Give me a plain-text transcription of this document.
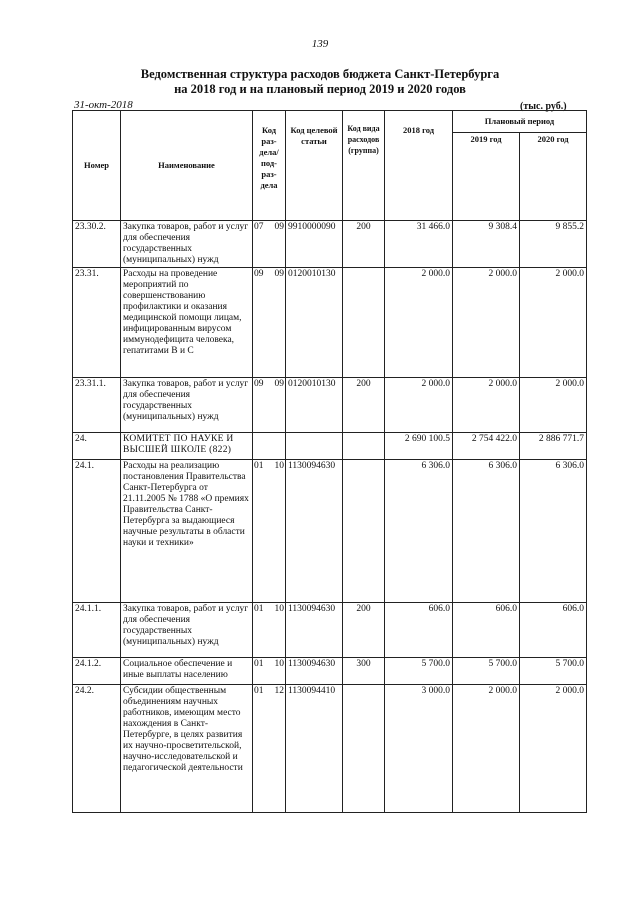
139
Ведомственная структура расходов бюджета Санкт-Петербурга
на 2018 год и на плановый период 2019 и 2020 годов
31-окт-2018	(тыс. руб.)
Номер	Наименование	Код раз-дела/ под-раз-дела	Код целевой статьи	Код вида расходов (группа)	2018 год	Плановый период	
						2019 год	2020 год
23.30.2.	Закупка товаров, работ и услуг для обеспечения государственных (муниципальных) нужд	07 09	9910000090	200	31 466.0	9 308.4	9 855.2
23.31.	Расходы на проведение мероприятий по совершенствованию профилактики и оказания медицинской помощи лицам, инфицированным вирусом иммунодефицита человека, гепатитами В и С	09 09	0120010130		2 000.0	2 000.0	2 000.0
23.31.1.	Закупка товаров, работ и услуг для обеспечения государственных (муниципальных) нужд	09 09	0120010130	200	2 000.0	2 000.0	2 000.0
24.	КОМИТЕТ ПО НАУКЕ И ВЫСШЕЙ ШКОЛЕ (822)				2 690 100.5	2 754 422.0	2 886 771.7
24.1.	Расходы на реализацию постановления Правительства Санкт-Петербурга от 21.11.2005 № 1788 «О премиях Правительства Санкт-Петербурга за выдающиеся научные результаты в области науки и техники»	01 10	1130094630		6 306.0	6 306.0	6 306.0
24.1.1.	Закупка товаров, работ и услуг для обеспечения государственных (муниципальных) нужд	01 10	1130094630	200	606.0	606.0	606.0
24.1.2.	Социальное обеспечение и иные выплаты населению	01 10	1130094630	300	5 700.0	5 700.0	5 700.0
24.2.	Субсидии общественным объединениям научных работников, имеющим место нахождения в Санкт-Петербурге, в целях развития их научно-просветительской, научно-исследовательской и педагогической деятельности	01 12	1130094410		3 000.0	2 000.0	2 000.0
